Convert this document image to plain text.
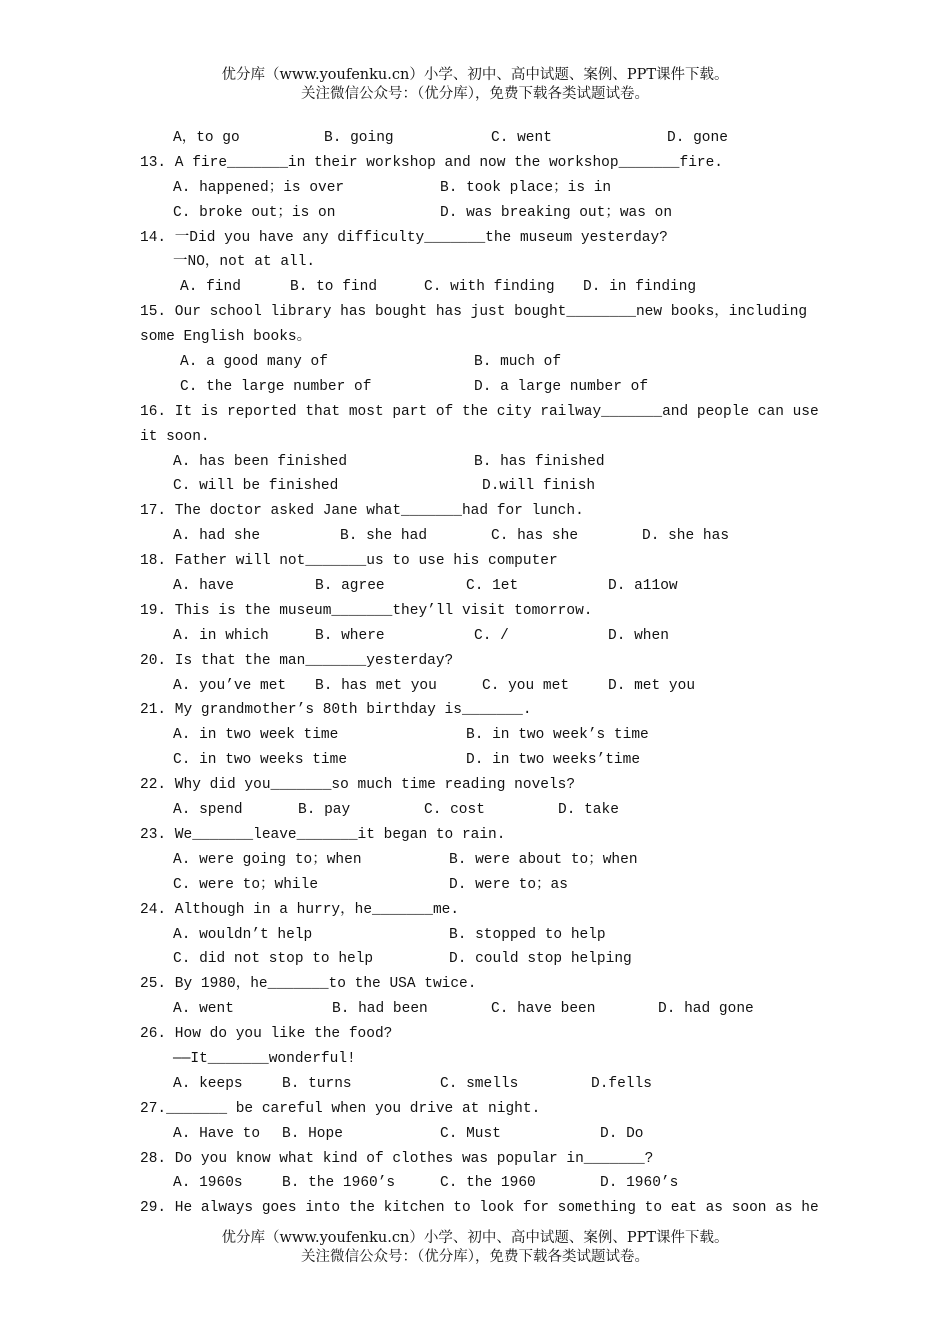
优分库（www.youfenku.cn）小学、初中、高中试题、案例、PPT课件下载。
关注微信公众号：（优分库），免费下载各类试题试卷。
A，to go	B. going	C. went	D. gone
13. A fire_______in their workshop and now the workshop_______fire.
A. happened；is over	B. took place；is in
C. broke out；is on	D. was breaking out；was on
14. 一Did you have any difficulty_______the museum yesterday?
一NO，not at all.
A. find	B. to find	C. with finding D. in finding
15. Our school library has bought has just bought________new books，including
some English books。
A. a good many of	B. much of
C. the large number of	D. a large number of
16. It is reported that most part of the city railway_______and people can use
it soon.
A. has been finished	B. has finished
C. will be finished	D.will finish
17. The doctor asked Jane what_______had for lunch.
A. had she	B. she had	C. has she	D. she has
18. Father will not_______us to use his computer
A. have	B. agree	C. 1et	D. a11ow
19. This is the museum_______they’ll visit tomorrow.
A. in which	B. where	C. /	D. when
20. Is that the man_______yesterday?
A. you’ve met B. has met you	C. you met	D. met you
21. My grandmother’s 80th birthday is_______.
A. in two week time	B. in two week’s time
C. in two weeks time	D. in two weeks’time
22. Why did you_______so much time reading novels?
A. spend	B. pay	C. cost	D. take
23. We_______leave_______it began to rain.
A. were going to；when	B. were about to；when
C. were to；while	D. were to；as
24. Although in a hurry，he_______me.
A. wouldn’t help	B. stopped to help
C. did not stop to help	D. could stop helping
25. By 1980，he_______to the USA twice.
A. went	B. had been	C. have been	D. had gone
26. How do you like the food?
——It_______wonderful!
A. keeps	B. turns	C. smells	D.fells
27._______ be careful when you drive at night.
A. Have to B. Hope	C. Must	D. Do
28. Do you know what kind of clothes was popular in_______?
A. 1960s	B. the 1960’s	C. the 1960	D. 1960’s
29. He always goes into the kitchen to look for something to eat as soon as he
优分库（www.youfenku.cn）小学、初中、高中试题、案例、PPT课件下载。
关注微信公众号：（优分库），免费下载各类试题试卷。
